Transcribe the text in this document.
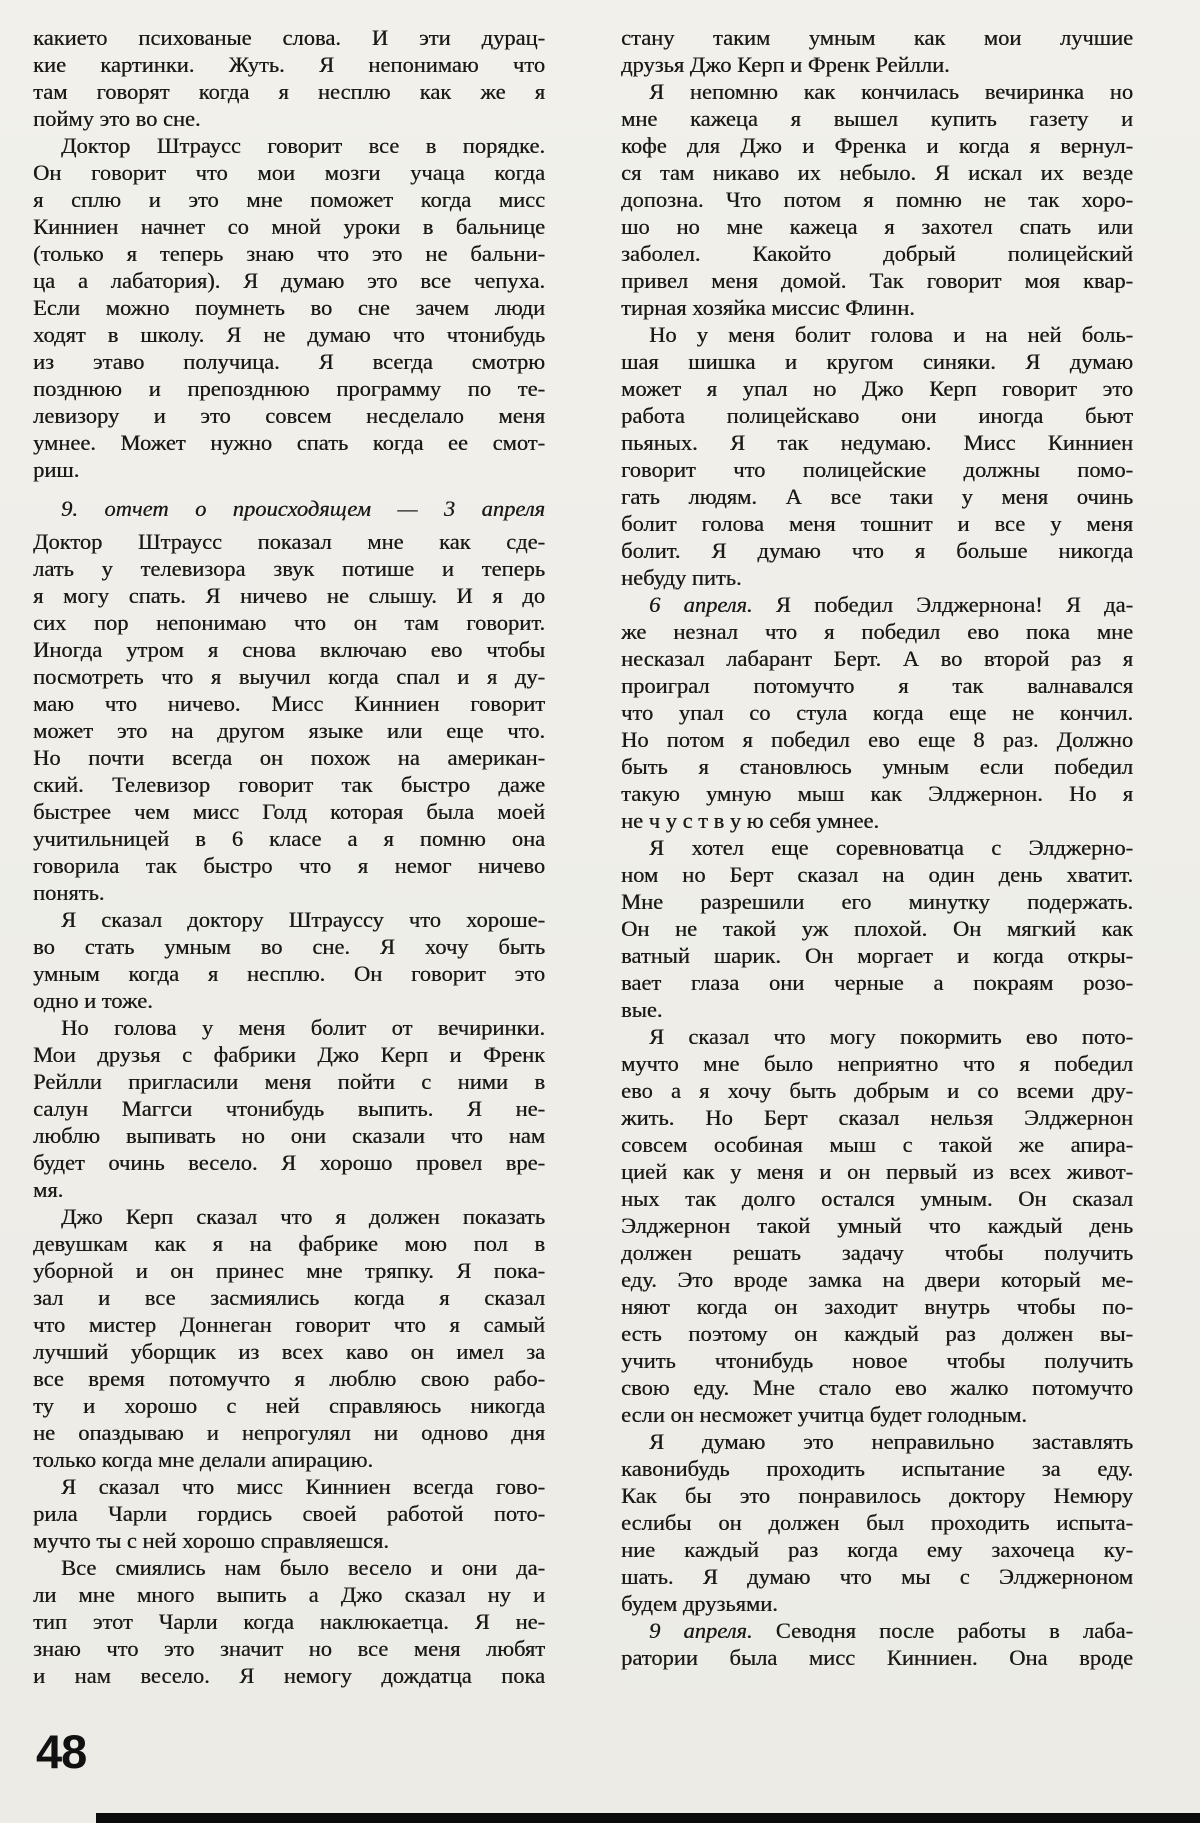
какието психованые слова. И эти дурац-
кие картинки. Жуть. Я непонимаю что
там говорят когда я несплю как же я
пойму это во сне.
Доктор Штраусс говорит все в порядке.
Он говорит что мои мозги учаца когда
я сплю и это мне поможет когда мисс
Кинниен начнет со мной уроки в бальнице
(только я теперь знаю что это не бальни-
ца а лабатория). Я думаю это все чепуха.
Если можно поумнеть во сне зачем люди
ходят в школу. Я не думаю что чтонибудь
из этаво получица. Я всегда смотрю
позднюю и препозднюю программу по те-
левизору и это совсем несделало меня
умнее. Может нужно спать когда ее смот-
риш.
9. отчет о происходящем — 3 апреля
Доктор Штраусс показал мне как сде-
лать у телевизора звук потише и теперь
я могу спать. Я ничево не слышу. И я до
сих пор непонимаю что он там говорит.
Иногда утром я снова включаю ево чтобы
посмотреть что я выучил когда спал и я ду-
маю что ничево. Мисс Кинниен говорит
может это на другом языке или еще что.
Но почти всегда он похож на американ-
ский. Телевизор говорит так быстро даже
быстрее чем мисс Голд которая была моей
учитильницей в 6 класе а я помню она
говорила так быстро что я немог ничево
понять.
Я сказал доктору Штрауссу что хороше-
во стать умным во сне. Я хочу быть
умным когда я несплю. Он говорит это
одно и тоже.
Но голова у меня болит от вечиринки.
Мои друзья с фабрики Джо Керп и Френк
Рейлли пригласили меня пойти с ними в
салун Маггси чтонибудь выпить. Я не-
люблю выпивать но они сказали что нам
будет очинь весело. Я хорошо провел вре-
мя.
Джо Керп сказал что я должен показать
девушкам как я на фабрике мою пол в
уборной и он принес мне тряпку. Я пока-
зал и все засмиялись когда я сказал
что мистер Доннеган говорит что я самый
лучший уборщик из всех каво он имел за
все время потомучто я люблю свою рабо-
ту и хорошо с ней справляюсь никогда
не опаздываю и непрогулял ни одново дня
только когда мне делали апирацию.
Я сказал что мисс Кинниен всегда гово-
рила Чарли гордись своей работой пото-
мучто ты с ней хорошо справляешся.
Все смиялись нам было весело и они да-
ли мне много выпить а Джо сказал ну и
тип этот Чарли когда наклюкаетца. Я не-
знаю что это значит но все меня любят
и нам весело. Я немогу дождатца пока
стану таким умным как мои лучшие
друзья Джо Керп и Френк Рейлли.
Я непомню как кончилась вечиринка но
мне кажеца я вышел купить газету и
кофе для Джо и Френка и когда я вернул-
ся там никаво их небыло. Я искал их везде
допозна. Что потом я помню не так хоро-
шо но мне кажеца я захотел спать или
заболел. Какойто добрый полицейский
привел меня домой. Так говорит моя квар-
тирная хозяйка миссис Флинн.
Но у меня болит голова и на ней боль-
шая шишка и кругом синяки. Я думаю
может я упал но Джо Керп говорит это
работа полицейскаво они иногда бьют
пьяных. Я так недумаю. Мисс Кинниен
говорит что полицейские должны помо-
гать людям. А все таки у меня очинь
болит голова меня тошнит и все у меня
болит. Я думаю что я больше никогда
небуду пить.
6 апреля. Я победил Элджернона! Я да-
же незнал что я победил ево пока мне
несказал лабарант Берт. А во второй раз я
проиграл потомучто я так валнавался
что упал со стула когда еще не кончил.
Но потом я победил ево еще 8 раз. Должно
быть я становлюсь умным если победил
такую умную мыш как Элджернон. Но я
не ч у с т в у ю себя умнее.
Я хотел еще соревноватца с Элджерно-
ном но Берт сказал на один день хватит.
Мне разрешили его минутку подержать.
Он не такой уж плохой. Он мягкий как
ватный шарик. Он моргает и когда откры-
вает глаза они черные а покраям розо-
вые.
Я сказал что могу покормить ево пото-
мучто мне было неприятно что я победил
ево а я хочу быть добрым и со всеми дру-
жить. Но Берт сказал нельзя Элджернон
совсем особиная мыш с такой же апира-
цией как у меня и он первый из всех живот-
ных так долго остался умным. Он сказал
Элджернон такой умный что каждый день
должен решать задачу чтобы получить
еду. Это вроде замка на двери который ме-
няют когда он заходит внутрь чтобы по-
есть поэтому он каждый раз должен вы-
учить чтонибудь новое чтобы получить
свою еду. Мне стало ево жалко потомучто
если он несможет учитца будет голодным.
Я думаю это неправильно заставлять
кавонибудь проходить испытание за еду.
Как бы это понравилось доктору Немюру
еслибы он должен был проходить испыта-
ние каждый раз когда ему захочеца ку-
шать. Я думаю что мы с Элджерноном
будем друзьями.
9 апреля. Севодня после работы в лаба-
ратории была мисс Кинниен. Она вроде
48
